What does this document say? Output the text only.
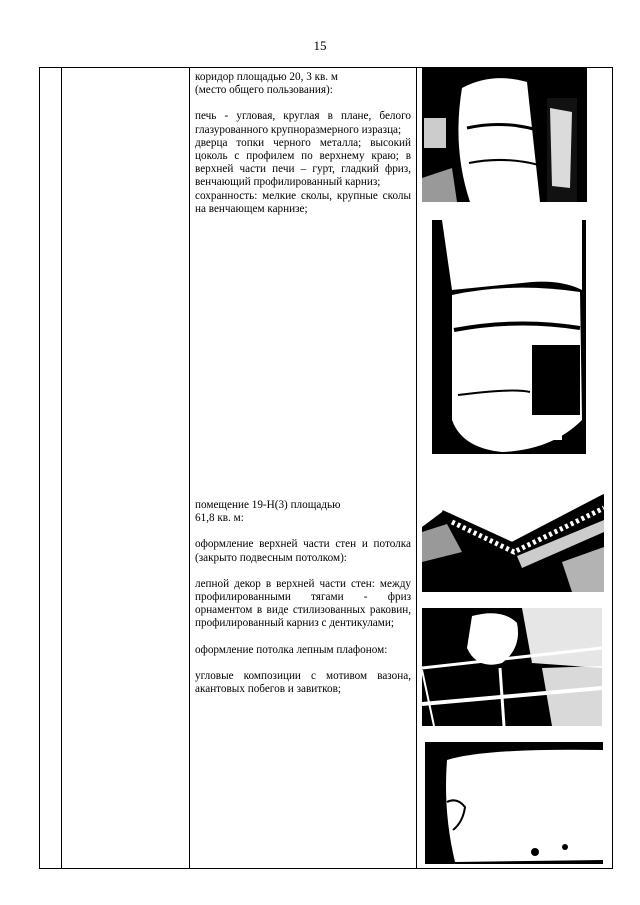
15

коридор площадью 20, 3 кв. м

(место общего пользования):

печь - угловая, круглая в плане, белого глазурованного крупноразмерного изразца;

дверца топки черного металла; высокий цоколь с профилем по верхнему краю; в верхней части печи – гурт, гладкий фриз, венчающий профилированный карниз;

сохранность: мелкие сколы, крупные сколы на венчающем карнизе;

помещение 19-Н(3) площадью

61,8 кв. м:

оформление верхней части стен и потолка (закрыто подвесным потолком):

лепной декор в верхней части стен: между профилированными тягами - фриз орнаментом в виде стилизованных раковин, профилированный карниз с дентикулами;

оформление потолка лепным плафоном:

угловые композиции с мотивом вазона, акантовых побегов и завитков;
